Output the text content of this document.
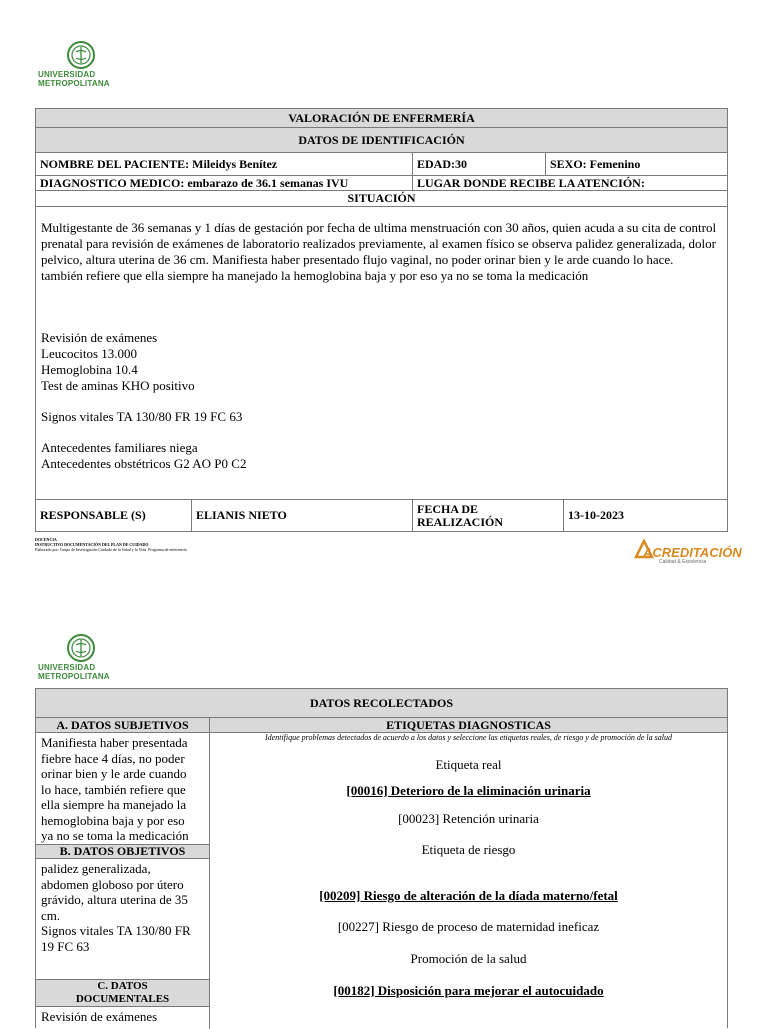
UNIVERSIDAD
METROPOLITANA
VALORACIÓN DE ENFERMERÍA
DATOS DE IDENTIFICACIÓN
NOMBRE DEL PACIENTE: Mileidys Benítez	EDAD:30	SEXO: Femenino
DIAGNOSTICO MEDICO: embarazo de 36.1 semanas IVU	LUGAR DONDE RECIBE LA ATENCIÓN:
SITUACIÓN
Multigestante de 36 semanas y 1 días de gestación por fecha de ultima menstruación con 30 años, quien acuda a su cita de control prenatal para revisión de exámenes de laboratorio realizados previamente, al examen físico se observa palidez generalizada, dolor pelvico, altura uterina de 36 cm. Manifiesta haber presentado flujo vaginal, no poder orinar bien y le arde cuando lo hace. también refiere que ella siempre ha manejado la hemoglobina baja y por eso ya no se toma la medicación
Revisión de exámenes
Leucocitos 13.000
Hemoglobina 10.4
Test de aminas KHO positivo
Signos vitales TA 130/80 FR 19 FC 63
Antecedentes familiares niega
Antecedentes obstétricos G2 AO P0 C2
RESPONSABLE (S)	ELIANIS NIETO	FECHA DE
REALIZACIÓN	13-10-2023
DOCENCIA
INSTRUCTIVO DOCUMENTACIÓN DEL PLAN DE CUIDADO
Elaborado por: Grupo de Investigación Cuidado de la Salud y la Vida. Programa de enfermería	ACREDITACIÓN
Calidad & Excelencia
UNIVERSIDAD
METROPOLITANA
DATOS RECOLECTADOS
A. DATOS SUBJETIVOS
Manifiesta haber presentada
fiebre hace 4 días, no poder
orinar bien y le arde cuando
lo hace, también refiere que
ella siempre ha manejado la
hemoglobina baja y por eso
ya no se toma la medicación
B. DATOS OBJETIVOS
palidez generalizada,
abdomen globoso por útero
grávido, altura uterina de 35
cm.
Signos vitales TA 130/80 FR
19 FC 63
C. DATOS
DOCUMENTALES
Revisión de exámenes
ETIQUETAS DIAGNOSTICAS
Identifique problemas detectados de acuerdo a los datos y seleccione las etiquetas reales, de riesgo y de promoción de la salud
Etiqueta real
[00016] Deterioro de la eliminación urinaria
[00023] Retención urinaria
Etiqueta de riesgo
[00209] Riesgo de alteración de la díada materno/fetal
[00227] Riesgo de proceso de maternidad ineficaz
Promoción de la salud
[00182] Disposición para mejorar el autocuidado
